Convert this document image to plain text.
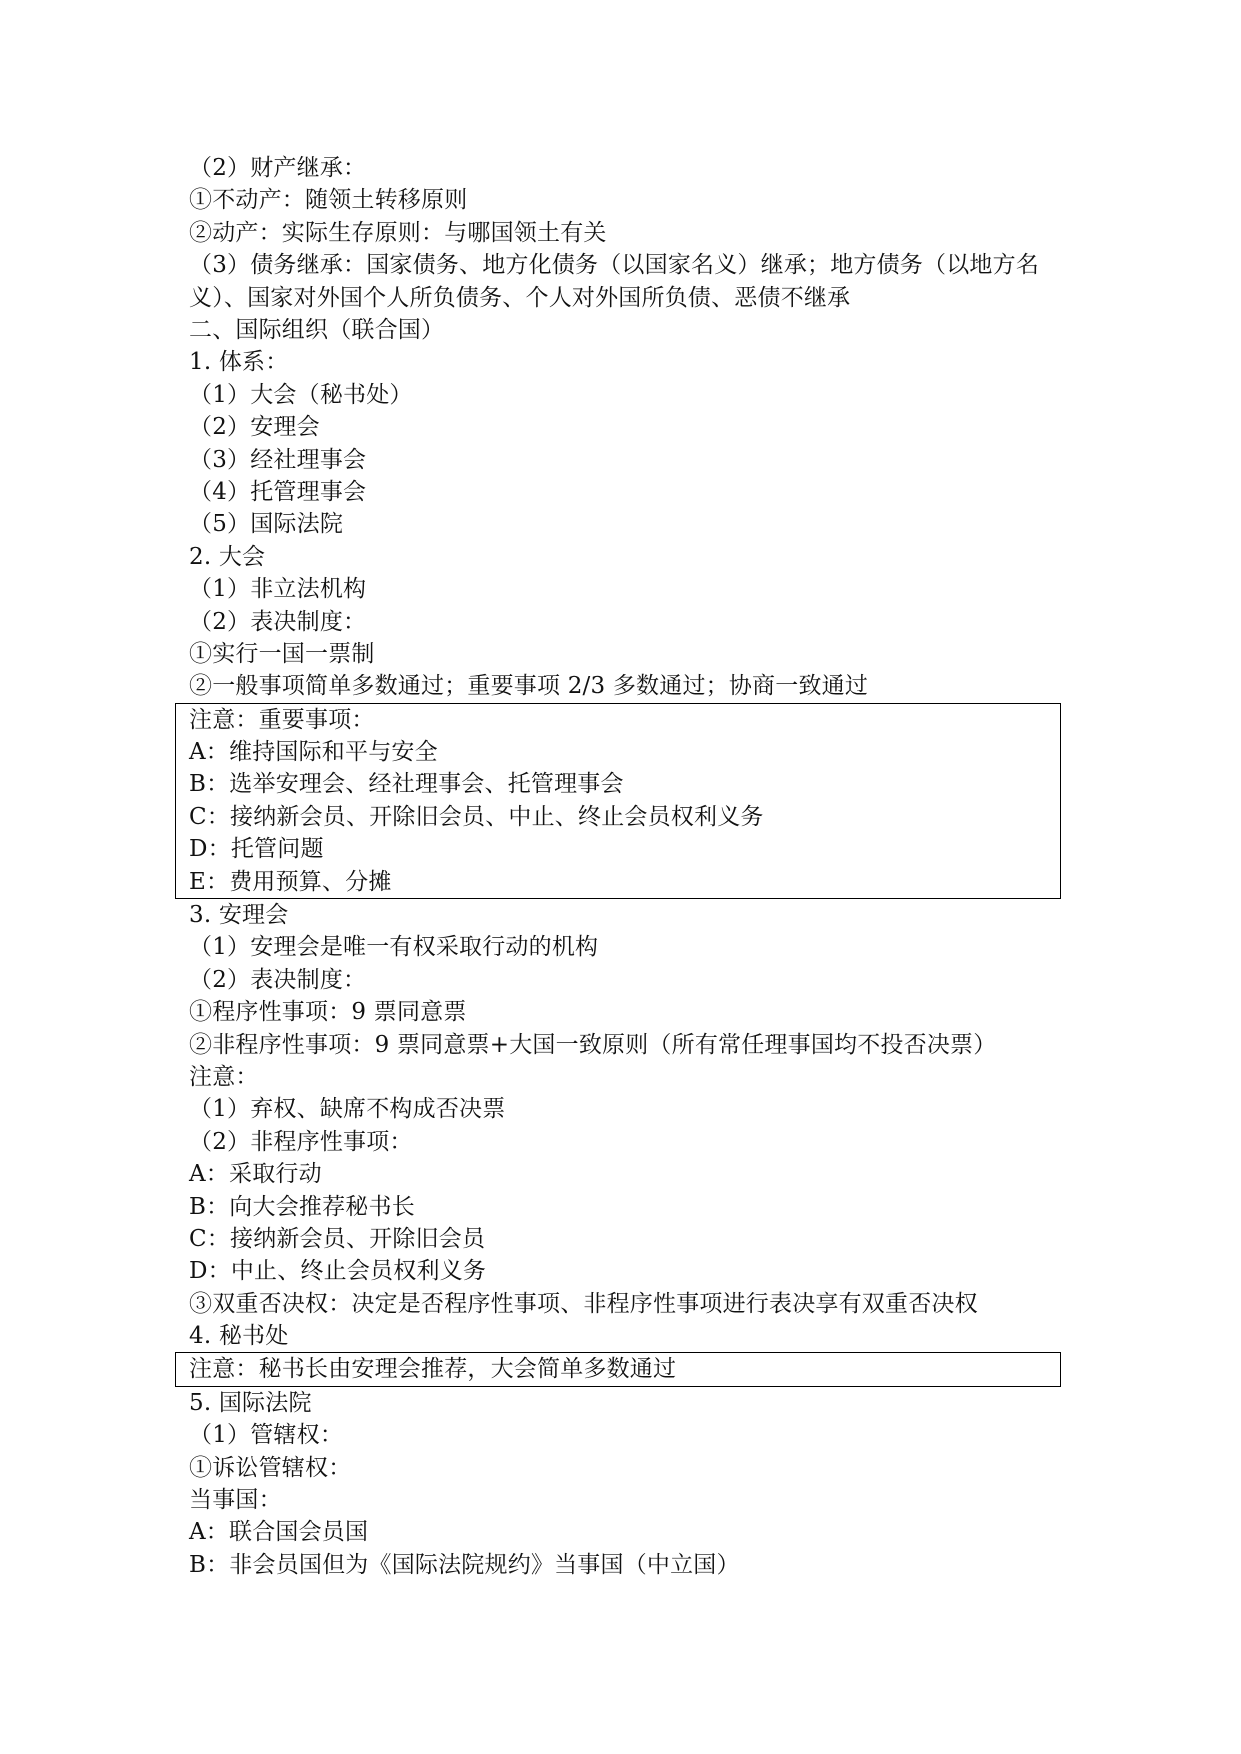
（2）财产继承：
①不动产：随领土转移原则
②动产：实际生存原则：与哪国领土有关
（3）债务继承：国家债务、地方化债务（以国家名义）继承；地方债务（以地方名义）、国家对外国个人所负债务、个人对外国所负债、恶债不继承
二、国际组织（联合国）
1. 体系：
（1）大会（秘书处）
（2）安理会
（3）经社理事会
（4）托管理事会
（5）国际法院
2. 大会
（1）非立法机构
（2）表决制度：
①实行一国一票制
②一般事项简单多数通过；重要事项 2/3 多数通过；协商一致通过
注意：重要事项：
A：维持国际和平与安全
B：选举安理会、经社理事会、托管理事会
C：接纳新会员、开除旧会员、中止、终止会员权利义务
D：托管问题
E：费用预算、分摊
3. 安理会
（1）安理会是唯一有权采取行动的机构
（2）表决制度：
①程序性事项：9 票同意票
②非程序性事项：9 票同意票+大国一致原则（所有常任理事国均不投否决票）
注意：
（1）弃权、缺席不构成否决票
（2）非程序性事项：
A：采取行动
B：向大会推荐秘书长
C：接纳新会员、开除旧会员
D：中止、终止会员权利义务
③双重否决权：决定是否程序性事项、非程序性事项进行表决享有双重否决权
4. 秘书处
注意：秘书长由安理会推荐，大会简单多数通过
5. 国际法院
（1）管辖权：
①诉讼管辖权：
当事国：
A：联合国会员国
B：非会员国但为《国际法院规约》当事国（中立国）
